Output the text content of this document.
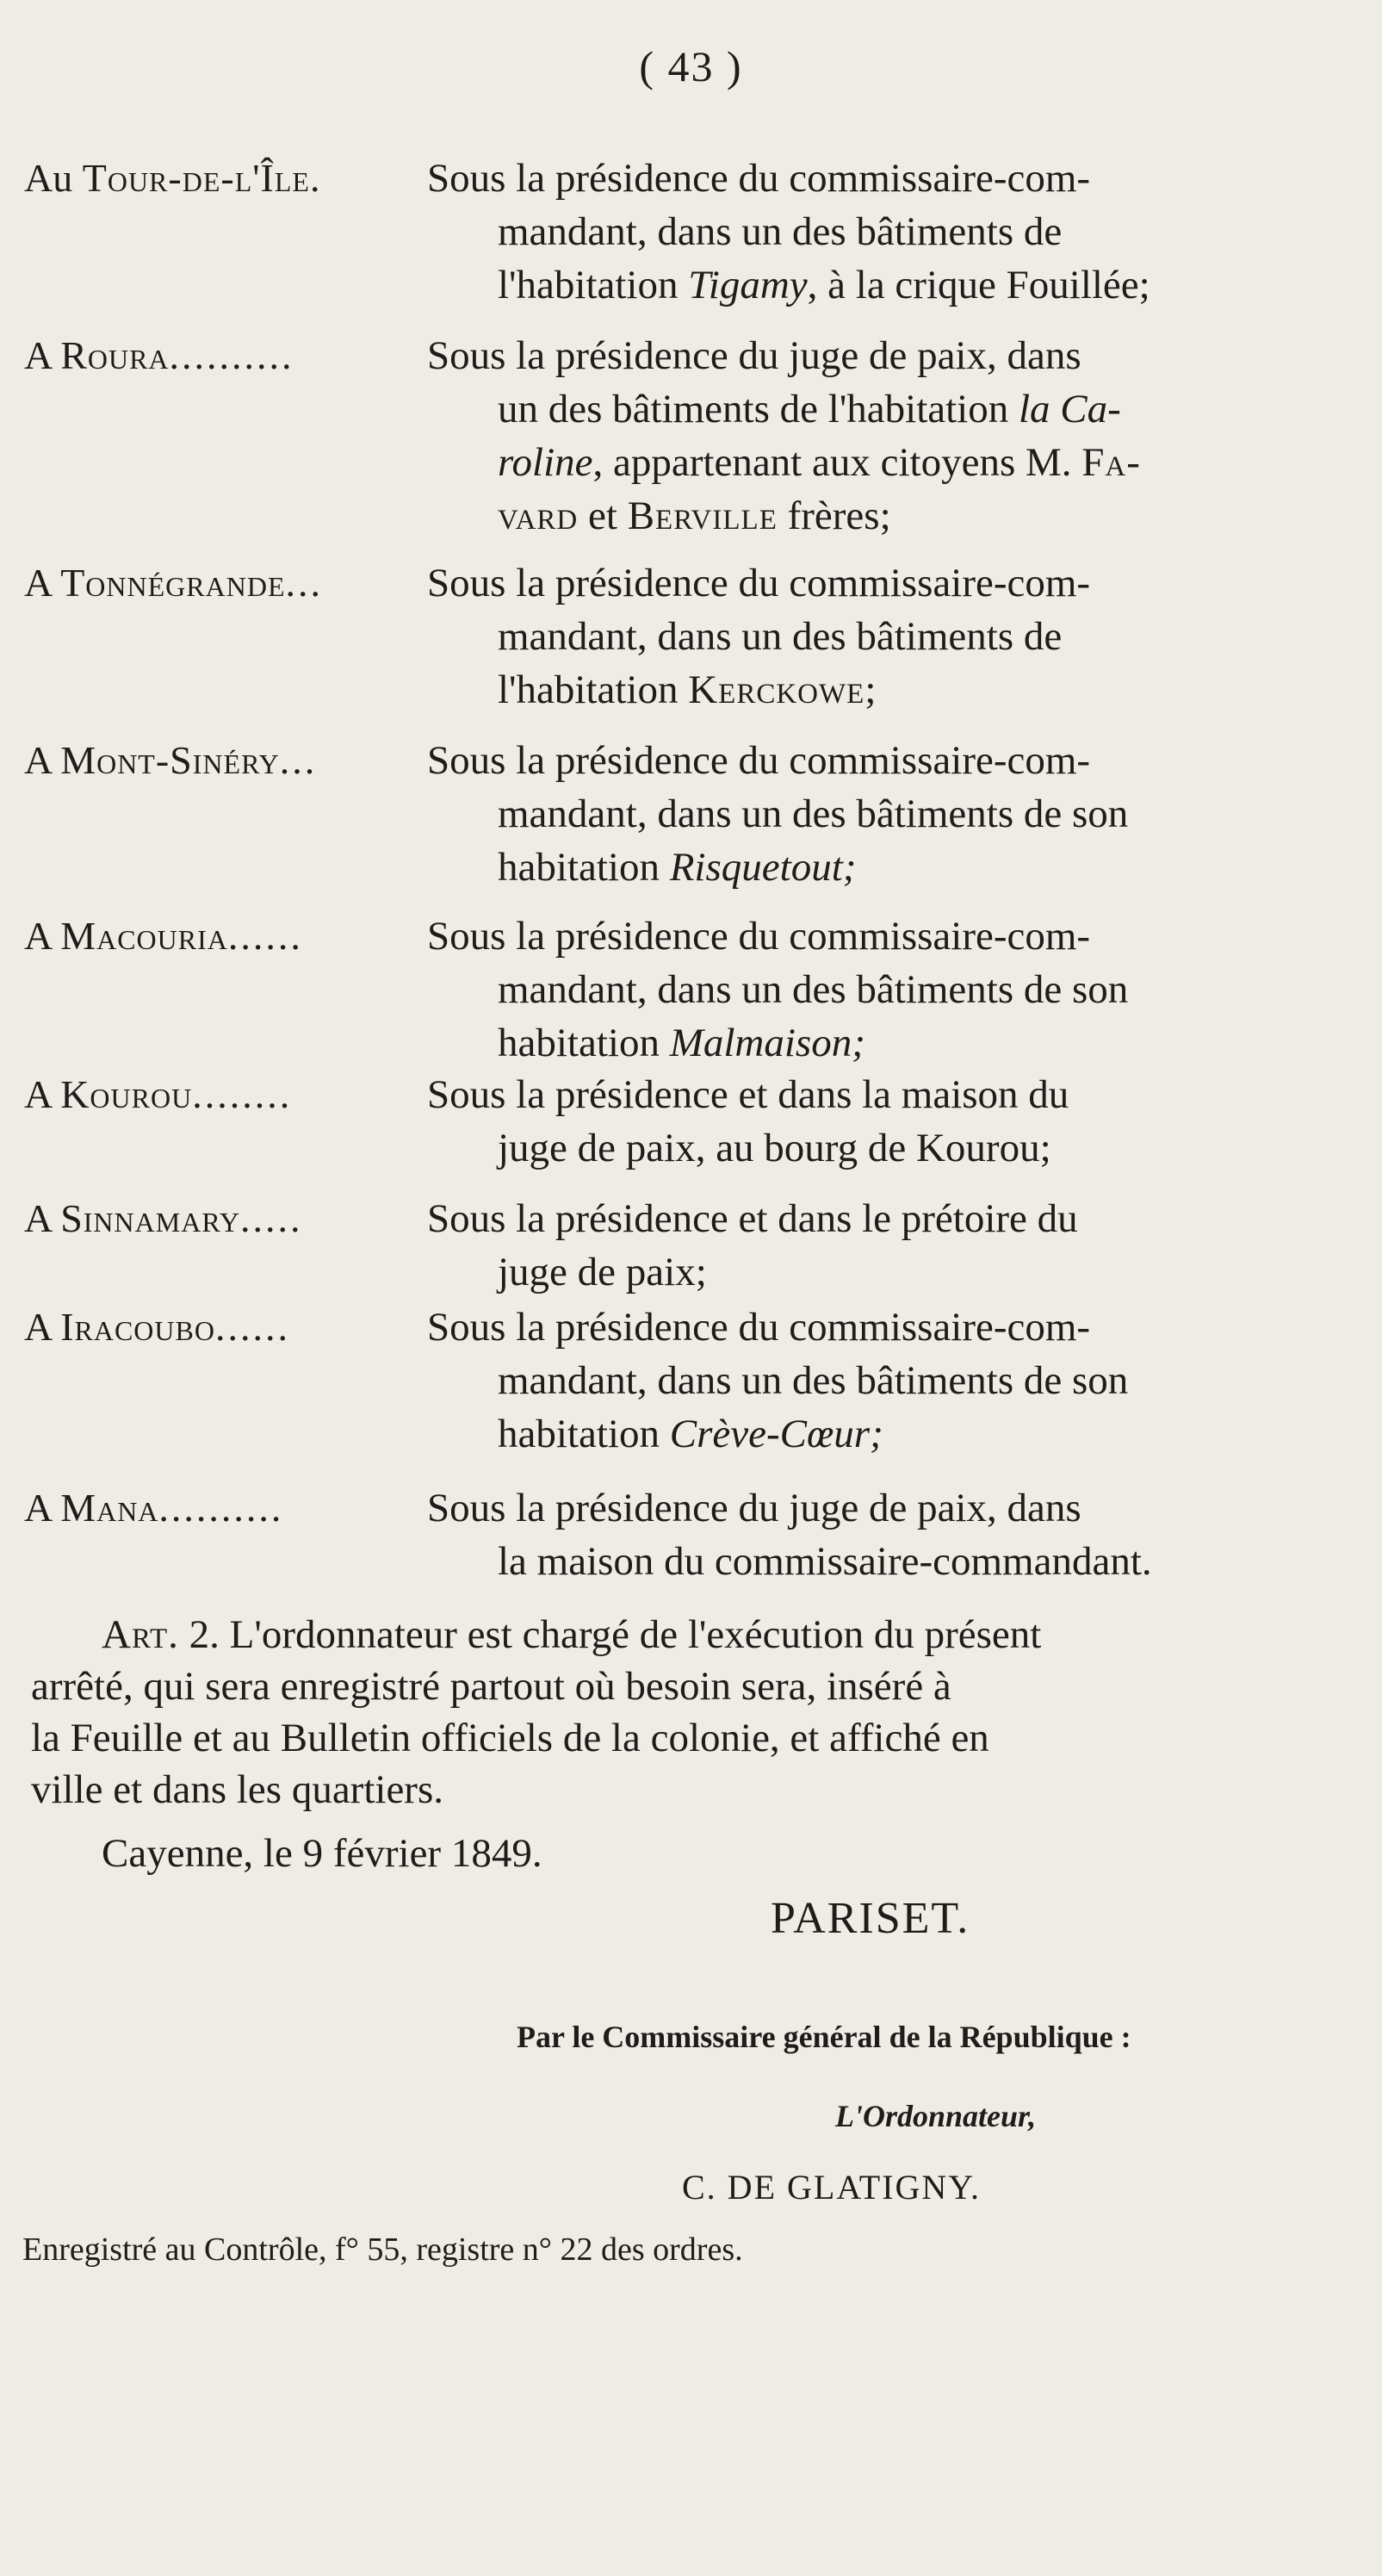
( 43 )
Au Tour-de-l'Île.	Sous la présidence du commissaire-com-
mandant, dans un des bâtiments de
l'habitation Tigamy, à la crique Fouillée;
A Roura..........	Sous la présidence du juge de paix, dans
un des bâtiments de l'habitation la Ca-
roline, appartenant aux citoyens M. Fa-
vard et Berville frères;
A Tonnégrande...	Sous la présidence du commissaire-com-
mandant, dans un des bâtiments de
l'habitation Kerckowe;
A Mont-Sinéry...	Sous la présidence du commissaire-com-
mandant, dans un des bâtiments de son
habitation Risquetout;
A Macouria......	Sous la présidence du commissaire-com-
mandant, dans un des bâtiments de son
habitation Malmaison;
A Kourou........	Sous la présidence et dans la maison du
juge de paix, au bourg de Kourou;
A Sinnamary.....	Sous la présidence et dans le prétoire du
juge de paix;
A Iracoubo......	Sous la présidence du commissaire-com-
mandant, dans un des bâtiments de son
habitation Crève-Cœur;
A Mana..........	Sous la présidence du juge de paix, dans
la maison du commissaire-commandant.
Art. 2. L'ordonnateur est chargé de l'exécution du présent
arrêté, qui sera enregistré partout où besoin sera, inséré à
la Feuille et au Bulletin officiels de la colonie, et affiché en
ville et dans les quartiers.
Cayenne, le 9 février 1849.
PARISET.
Par le Commissaire général de la République :
L'Ordonnateur,
C. DE GLATIGNY.
Enregistré au Contrôle, f° 55, registre n° 22 des ordres.
